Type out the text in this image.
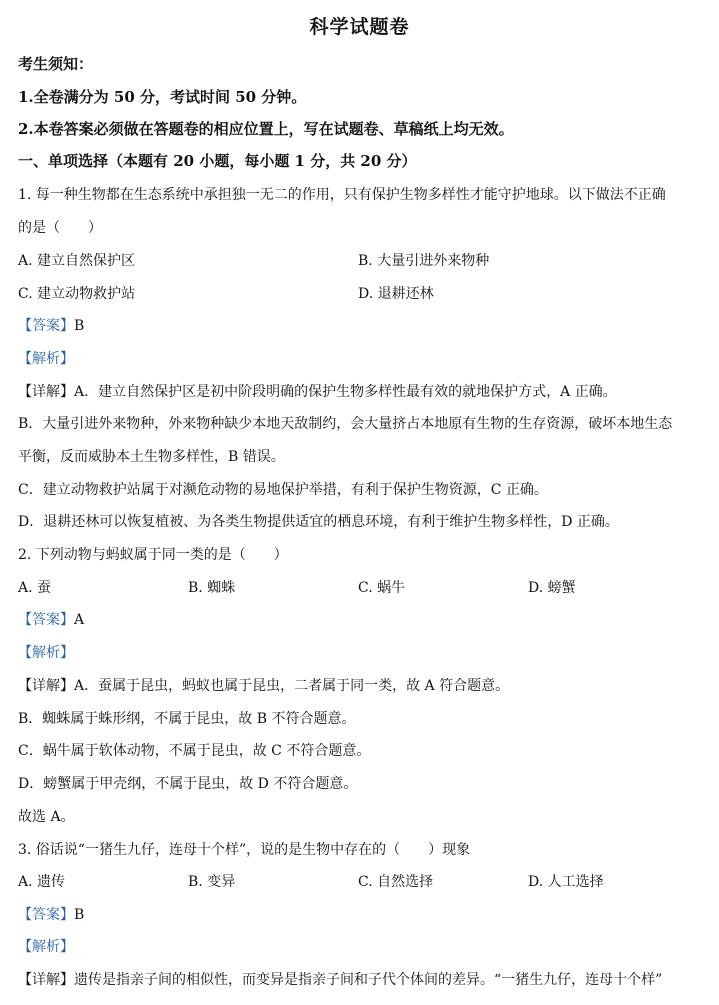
科学试题卷
考生须知：
1.全卷满分为 50 分，考试时间 50 分钟。
2.本卷答案必须做在答题卷的相应位置上，写在试题卷、草稿纸上均无效。
一、单项选择（本题有 20 小题，每小题 1 分，共 20 分）
1. 每一种生物都在生态系统中承担独一无二的作用，只有保护生物多样性才能守护地球。以下做法不正确
的是（　　）
A. 建立自然保护区	B. 大量引进外来物种
C. 建立动物救护站	D. 退耕还林
【答案】B
【解析】
【详解】A．建立自然保护区是初中阶段明确的保护生物多样性最有效的就地保护方式，A 正确。
B．大量引进外来物种，外来物种缺少本地天敌制约，会大量挤占本地原有生物的生存资源，破坏本地生态
平衡，反而威胁本土生物多样性，B 错误。
C．建立动物救护站属于对濒危动物的易地保护举措，有利于保护生物资源，C 正确。
D．退耕还林可以恢复植被、为各类生物提供适宜的栖息环境，有利于维护生物多样性，D 正确。
2. 下列动物与蚂蚁属于同一类的是（　　）
A. 蚕	B. 蜘蛛	C. 蜗牛	D. 螃蟹
【答案】A
【解析】
【详解】A．蚕属于昆虫，蚂蚁也属于昆虫，二者属于同一类，故 A 符合题意。
B．蜘蛛属于蛛形纲，不属于昆虫，故 B 不符合题意。
C．蜗牛属于软体动物，不属于昆虫，故 C 不符合题意。
D．螃蟹属于甲壳纲，不属于昆虫，故 D 不符合题意。
故选 A。
3. 俗话说“一猪生九仔，连母十个样”，说的是生物中存在的（　　）现象
A. 遗传	B. 变异	C. 自然选择	D. 人工选择
【答案】B
【解析】
【详解】遗传是指亲子间的相似性，而变异是指亲子间和子代个体间的差异。“一猪生九仔，连母十个样”
